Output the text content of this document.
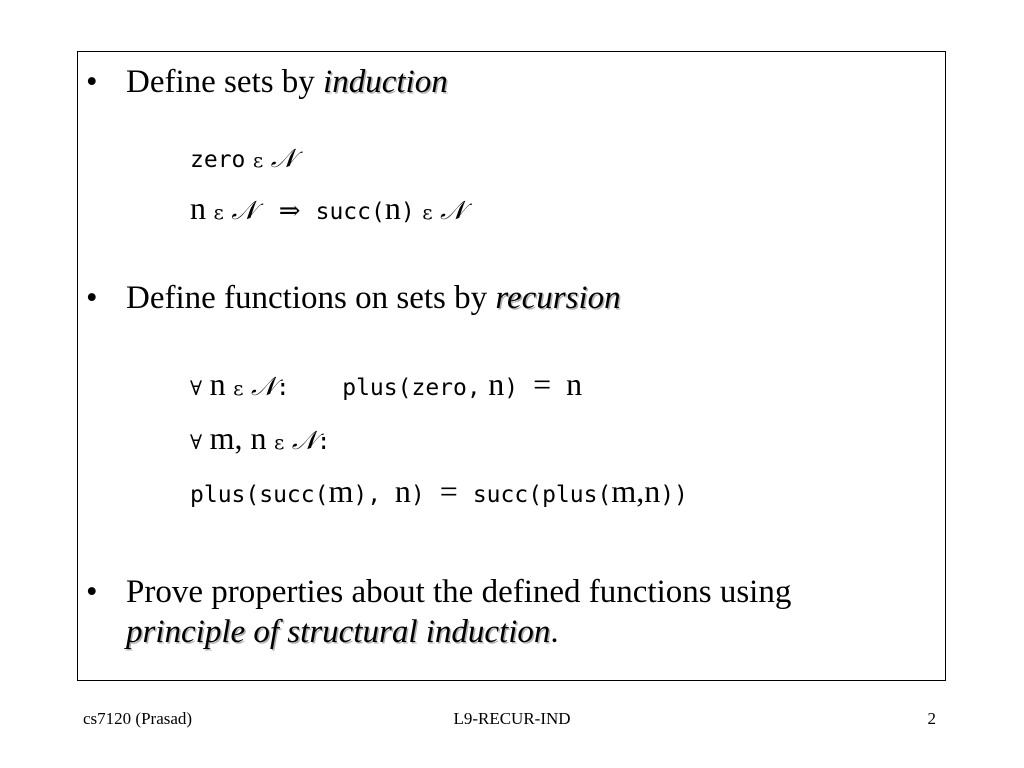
• Define sets by induction
zero ε 𝒩
n ε 𝒩 ⇒ succ(n) ε 𝒩
• Define functions on sets by recursion
∀ n ε 𝒩: plus(zero, n) = n
∀ m, n ε 𝒩:
plus(succ(m), n) = succ(plus(m,n))
• Prove properties about the defined functions using
principle of structural induction.
cs7120 (Prasad)	L9-RECUR-IND	2
